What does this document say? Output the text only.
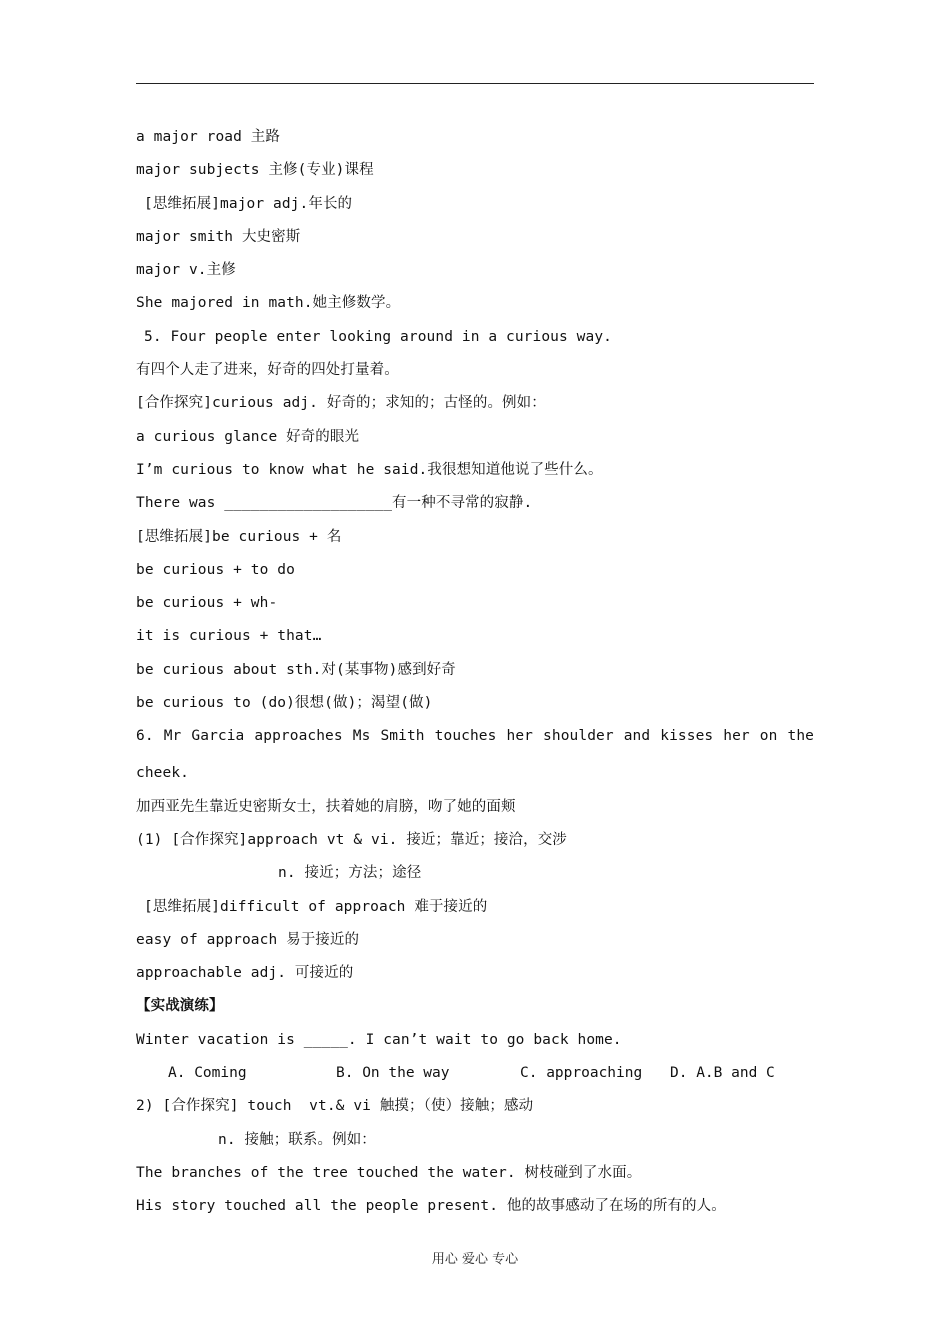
a major road 主路
major subjects 主修(专业)课程
[思维拓展]major adj.年长的
major smith 大史密斯
major v.主修
She majored in math.她主修数学。
5. Four people enter looking around in a curious way.
有四个人走了进来，好奇的四处打量着。
[合作探究]curious adj. 好奇的；求知的；古怪的。例如：
a curious glance 好奇的眼光
I’m curious to know what he said.我很想知道他说了些什么。
There was ___________________有一种不寻常的寂静.
[思维拓展]be curious + 名
be curious + to do
be curious + wh-
it is curious + that…
be curious about sth.对(某事物)感到好奇
be curious to (do)很想(做)；渴望(做)
6. Mr Garcia approaches Ms Smith touches her shoulder and kisses her on the
cheek.
加西亚先生靠近史密斯女士，扶着她的肩膀，吻了她的面颊
(1) [合作探究]approach vt & vi. 接近；靠近；接洽，交涉
n. 接近；方法；途径
[思维拓展]difficult of approach 难于接近的
easy of approach 易于接近的
approachable adj. 可接近的
【实战演练】
Winter vacation is _____. I can’t wait to go back home.

A. Coming

	B. On the way

	C. approaching

D. A.B and C

2) [合作探究] touch  vt.& vi 触摸；（使）接触；感动
n. 接触；联系。例如：
The branches of the tree touched the water. 树枝碰到了水面。
His story touched all the people present. 他的故事感动了在场的所有的人。
用心 爱心 专心
